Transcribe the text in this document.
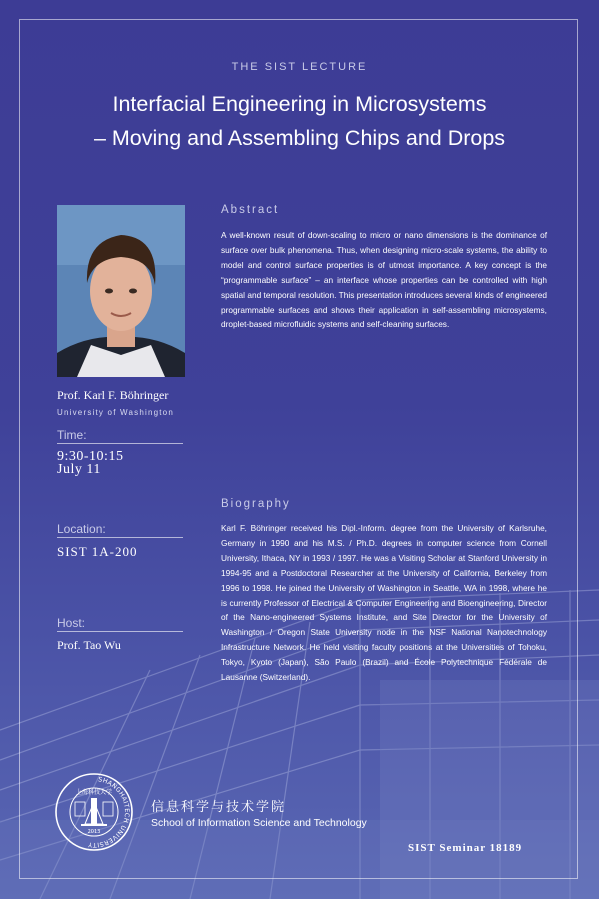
THE SIST LECTURE
Interfacial Engineering in Microsystems
– Moving and Assembling Chips and Drops
Prof. Karl F. Böhringer
University of Washington
Time:
9:30-10:15
July 11
Location:
SIST 1A-200
Host:
Prof. Tao Wu
Abstract
A well-known result of down-scaling to micro or nano dimensions is the dominance of surface over bulk phenomena. Thus, when designing micro-scale systems, the ability to model and control surface properties is of utmost importance. A key concept is the “programmable surface” – an interface whose properties can be controlled with high spatial and temporal resolution. This presentation introduces several kinds of engineered programmable surfaces and shows their application in self-assembling microsystems, droplet-based microfluidic systems and self-cleaning surfaces.
Biography
Karl F. Böhringer received his Dipl.-Inform. degree from the University of Karlsruhe, Germany in 1990 and his M.S. / Ph.D. degrees in computer science from Cornell University, Ithaca, NY in 1993 / 1997. He was a Visiting Scholar at Stanford University in 1994-95 and a Postdoctoral Researcher at the University of California, Berkeley from 1996 to 1998. He joined the University of Washington in Seattle, WA in 1998, where he is currently Professor of Electrical & Computer Engineering and Bioengineering, Director of the Nano-engineered Systems Institute, and Site Director for the University of Washington / Oregon State University node in the NSF National Nanotechnology Infrastructure Network. He held visiting faculty positions at the Universities of Tohoku, Tokyo, Kyoto (Japan), São Paulo (Brazil) and École Polytechnique Fédérale de Lausanne (Switzerland).
SHANGHAITECH UNIVERSITY
上海科技大学
2013
信息科学与技术学院
School of Information Science and Technology
SIST Seminar 18189
